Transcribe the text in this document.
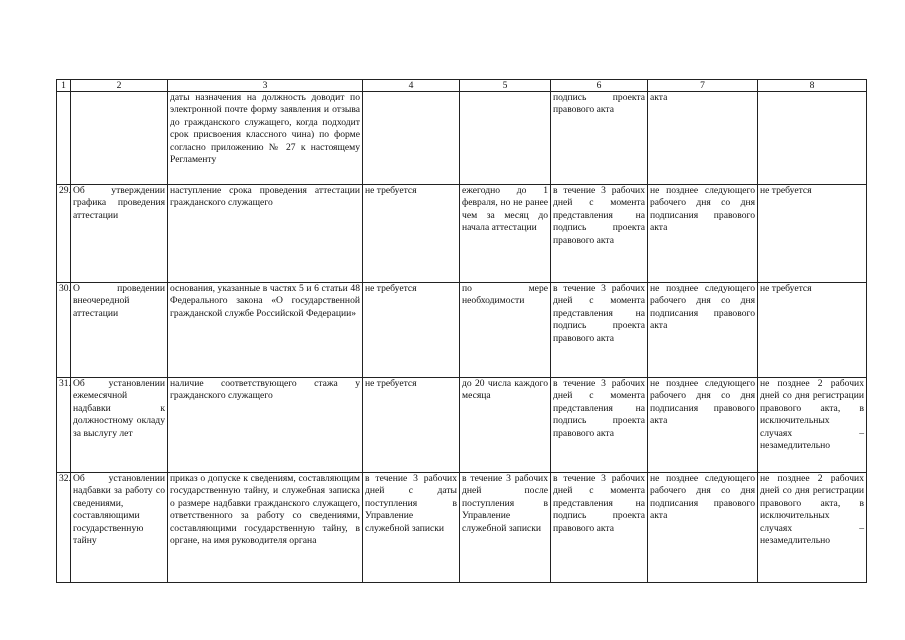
1	2	3	4	5	6	7	8
		даты назначения на должность доводит по электронной почте форму заявления и отзыва до гражданского служащего, когда подходит срок присвоения классного чина) по форме согласно приложению № 27 к настоящему Регламенту			подпись проекта правового акта	акта	
29.	Об утверждении графика проведения аттестации	наступление срока проведения аттестации гражданского служащего	не требуется	ежегодно до 1 февраля, но не ранее чем за месяц до начала аттестации	в течение 3 рабочих дней с момента представления на подпись проекта правового акта	не позднее следующего рабочего дня со дня подписания правового акта	не требуется
30.	О проведении внеочередной аттестации	основания, указанные в частях 5 и 6 статьи 48 Федерального закона «О государственной гражданской службе Российской Федерации»	не требуется	по мере необходимости	в течение 3 рабочих дней с момента представления на подпись проекта правового акта	не позднее следующего рабочего дня со дня подписания правового акта	не требуется
31.	Об установлении ежемесячной надбавки к должностному окладу за выслугу лет	наличие соответствующего стажа у гражданского служащего	не требуется	до 20 числа каждого месяца	в течение 3 рабочих дней с момента представления на подпись проекта правового акта	не позднее следующего рабочего дня со дня подписания правового акта	не позднее 2 рабочих дней со дня регистрации правового акта, в исключительных случаях – незамедлительно
32.	Об установлении надбавки за работу со сведениями, составляющими государственную тайну	приказ о допуске к сведениям, составляющим государственную тайну, и служебная записка о размере надбавки гражданского служащего, ответственного за работу со сведениями, составляющими государственную тайну, в органе, на имя руководителя органа	в течение 3 рабочих дней с даты поступления в Управление служебной записки	в течение 3 рабочих дней после поступления в Управление служебной записки	в течение 3 рабочих дней с момента представления на подпись проекта правового акта	не позднее следующего рабочего дня со дня подписания правового акта	не позднее 2 рабочих дней со дня регистрации правового акта, в исключительных случаях – незамедлительно
